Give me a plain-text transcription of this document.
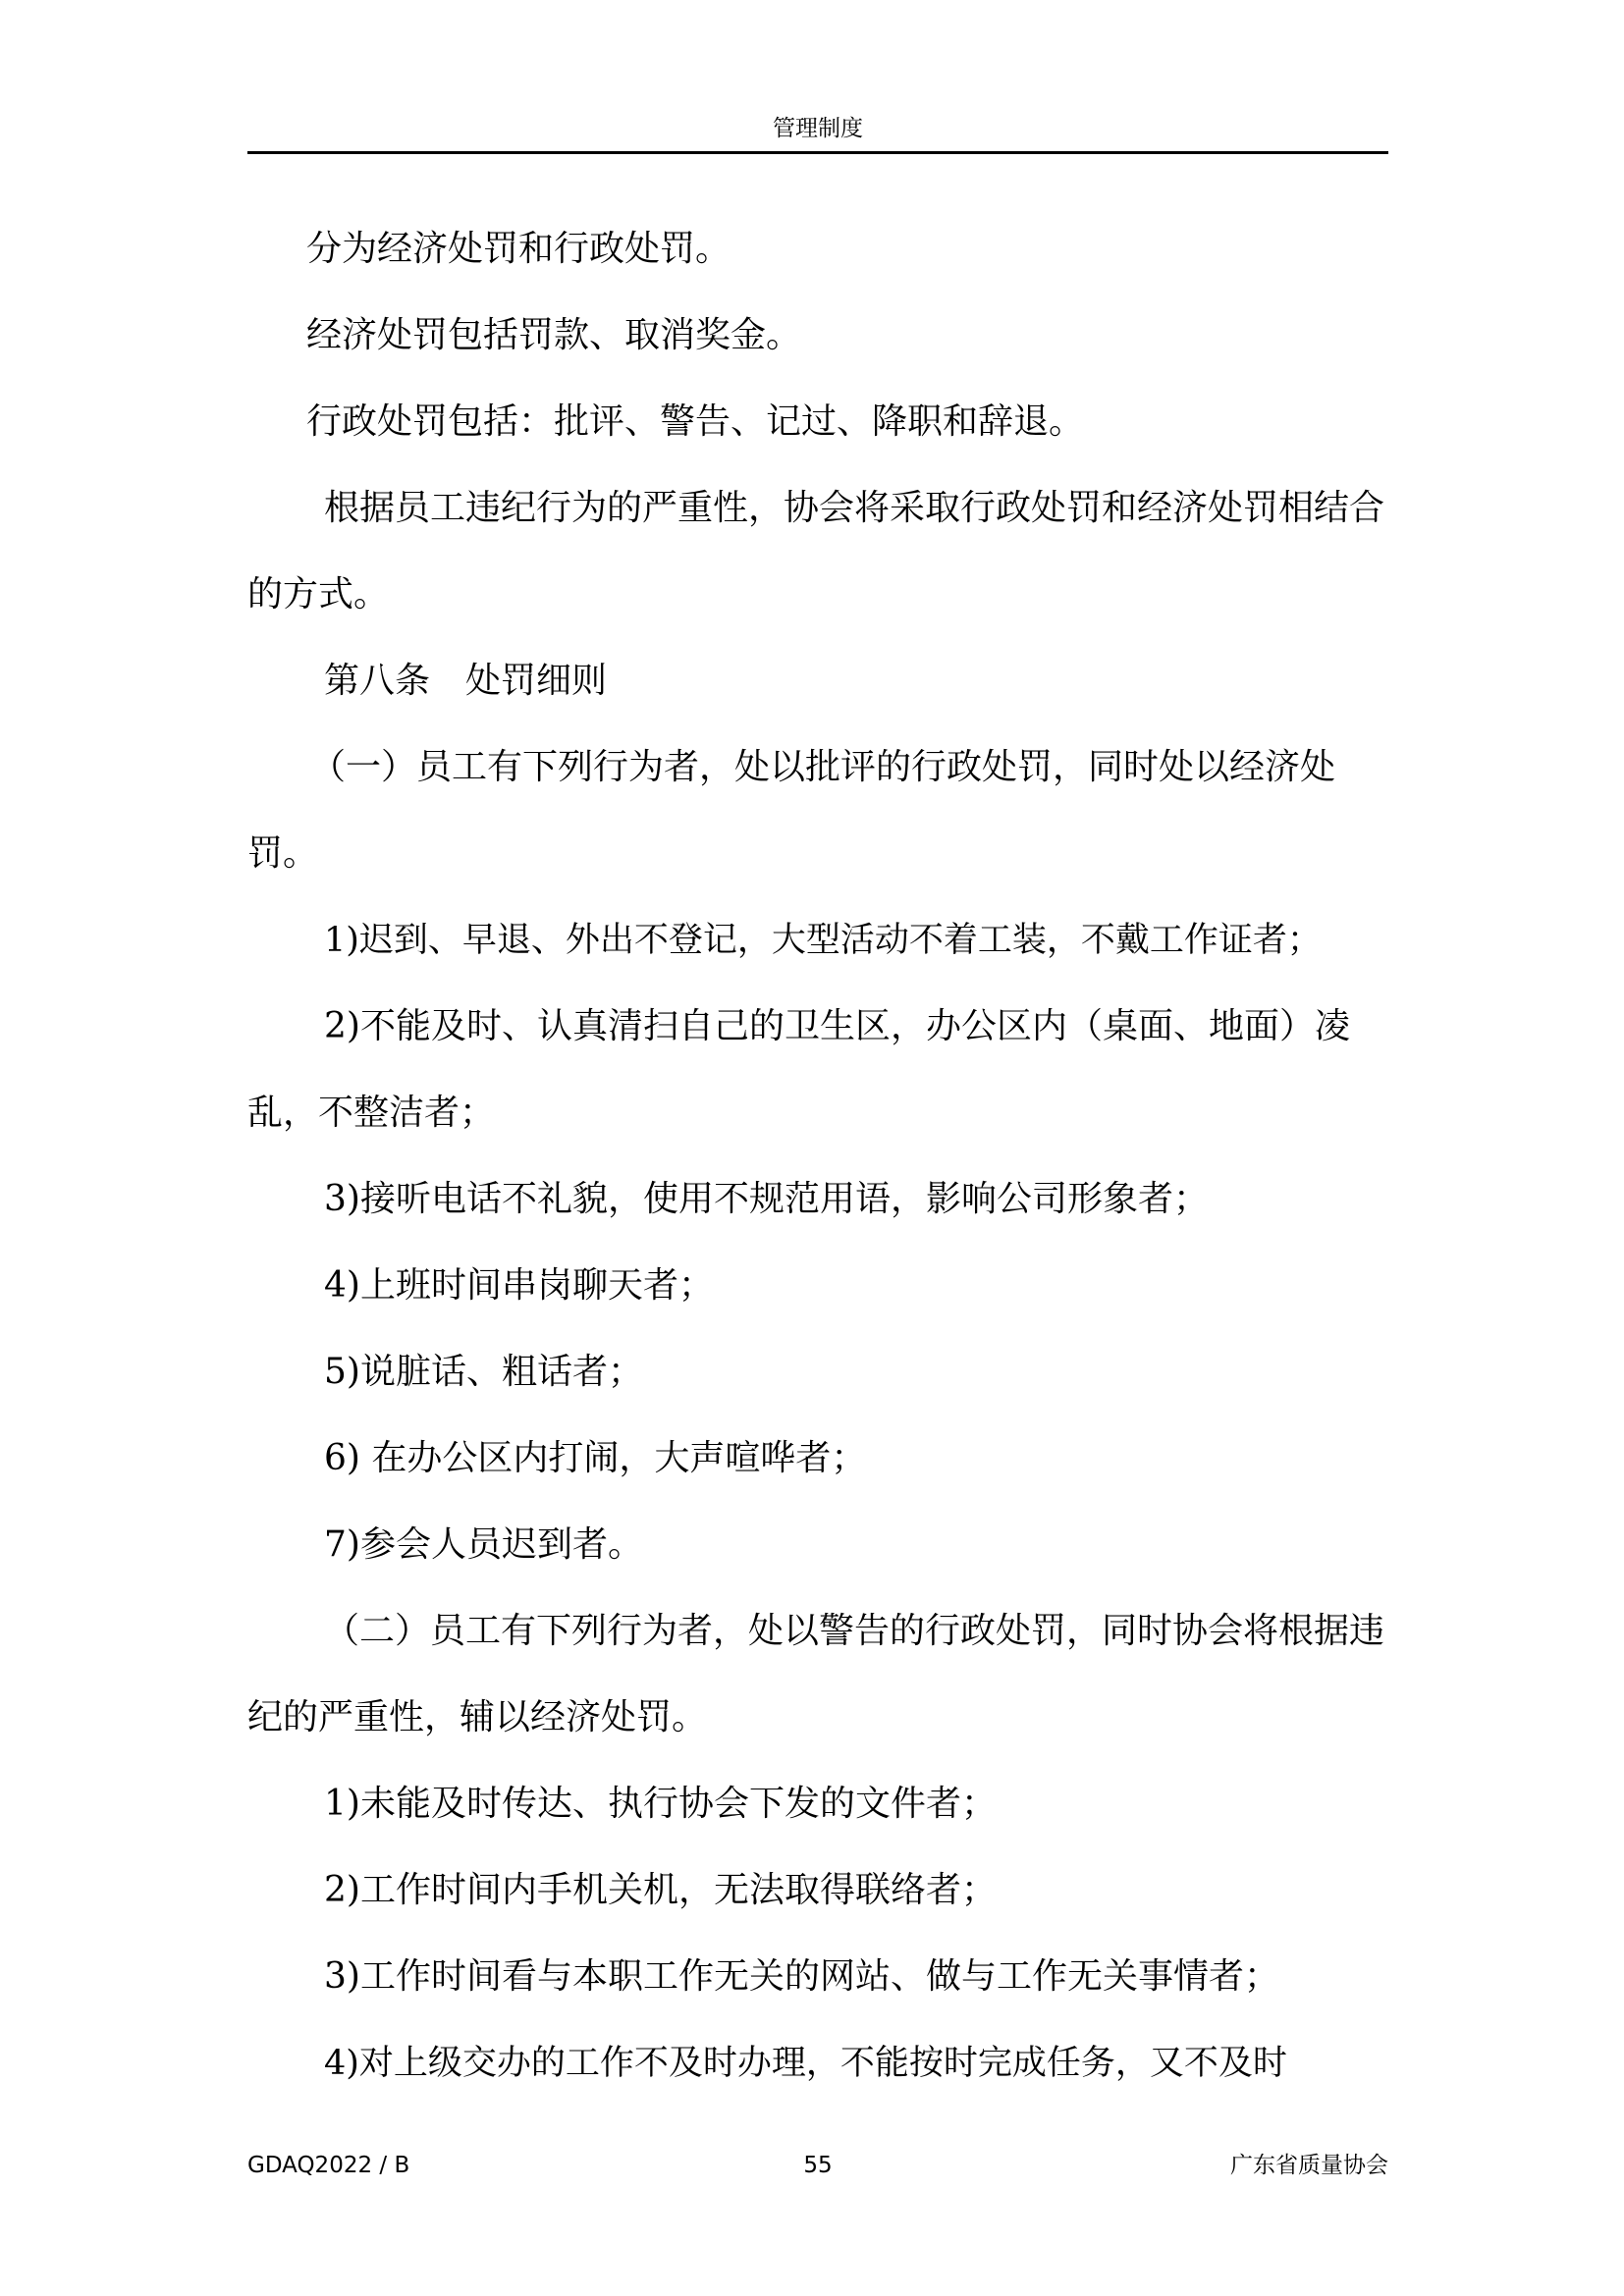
管理制度

分为经济处罚和行政处罚。

经济处罚包括罚款、取消奖金。

行政处罚包括：批评、警告、记过、降职和辞退。

根据员工违纪行为的严重性，协会将采取行政处罚和经济处罚相结合的方式。

第八条　处罚细则

（一）员工有下列行为者，处以批评的行政处罚，同时处以经济处罚。

1)迟到、早退、外出不登记，大型活动不着工装，不戴工作证者；

2)不能及时、认真清扫自己的卫生区，办公区内（桌面、地面）凌乱，不整洁者；

3)接听电话不礼貌，使用不规范用语，影响公司形象者；

4)上班时间串岗聊天者；

5)说脏话、粗话者；

6) 在办公区内打闹，大声喧哗者；

7)参会人员迟到者。

（二）员工有下列行为者，处以警告的行政处罚，同时协会将根据违纪的严重性，辅以经济处罚。

1)未能及时传达、执行协会下发的文件者；

2)工作时间内手机关机，无法取得联络者；

3)工作时间看与本职工作无关的网站、做与工作无关事情者；

4)对上级交办的工作不及时办理，不能按时完成任务，又不及时

GDAQ2022 / B	55	广东省质量协会
